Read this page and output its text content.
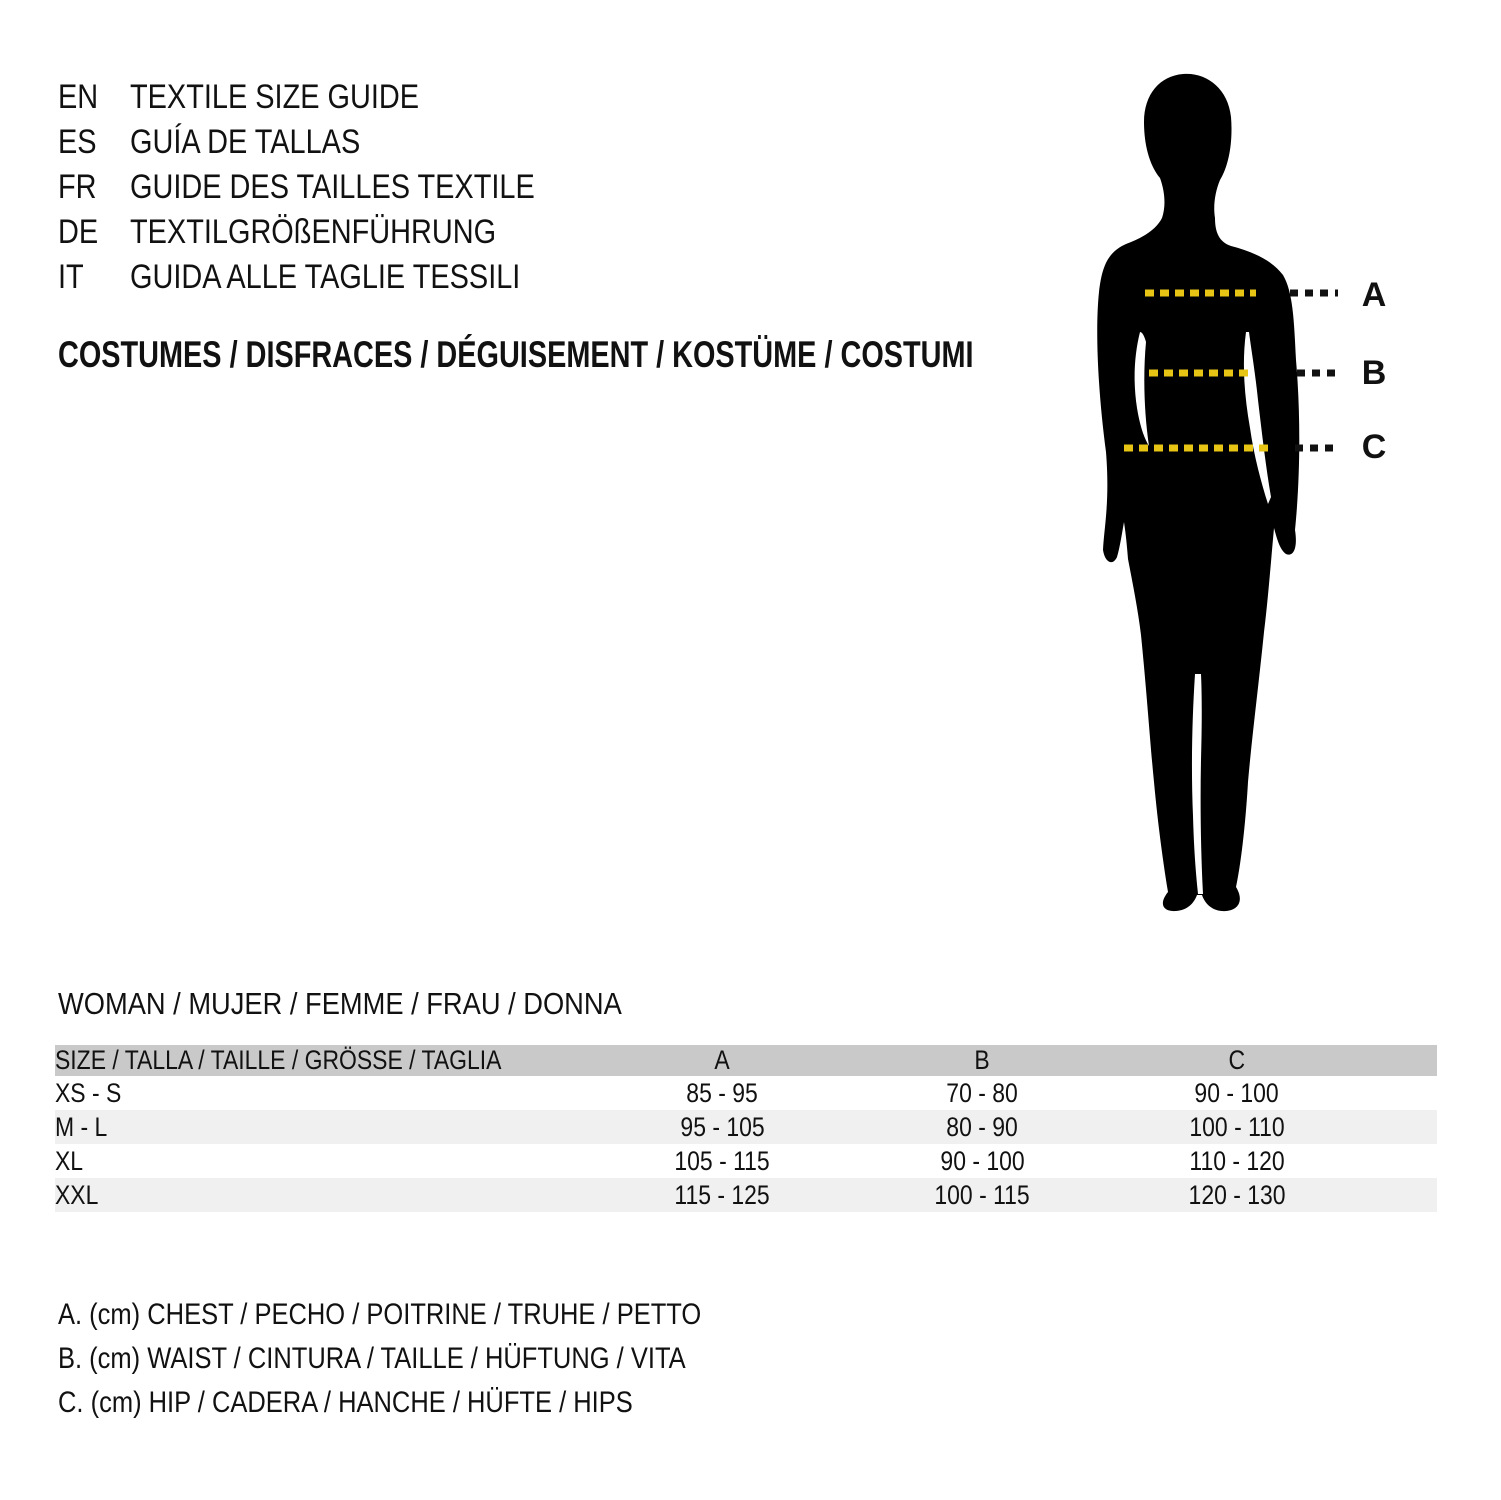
EN TEXTILE SIZE GUIDE
ES GUÍA DE TALLAS
FR GUIDE DES TAILLES TEXTILE
DE TEXTILGRÖßENFÜHRUNG
IT	GUIDA ALLE TAGLIE TESSILI
COSTUMES / DISFRACES / DÉGUISEMENT / KOSTÜME / COSTUMI
A
B
C
WOMAN / MUJER / FEMME / FRAU / DONNA
SIZE / TALLA / TAILLE / GRÖSSE / TAGLIA	A	B	C	
XS - S	85 - 95	70 - 80	90 - 100	
M - L	95 - 105	80 - 90	100 - 110	
XL	105 - 115	90 - 100	110 - 120	
XXL	115 - 125	100 - 115	120 - 130	
A. (cm) CHEST / PECHO / POITRINE / TRUHE / PETTO
B. (cm) WAIST / CINTURA / TAILLE / HÜFTUNG / VITA
C. (cm) HIP / CADERA / HANCHE / HÜFTE / HIPS
